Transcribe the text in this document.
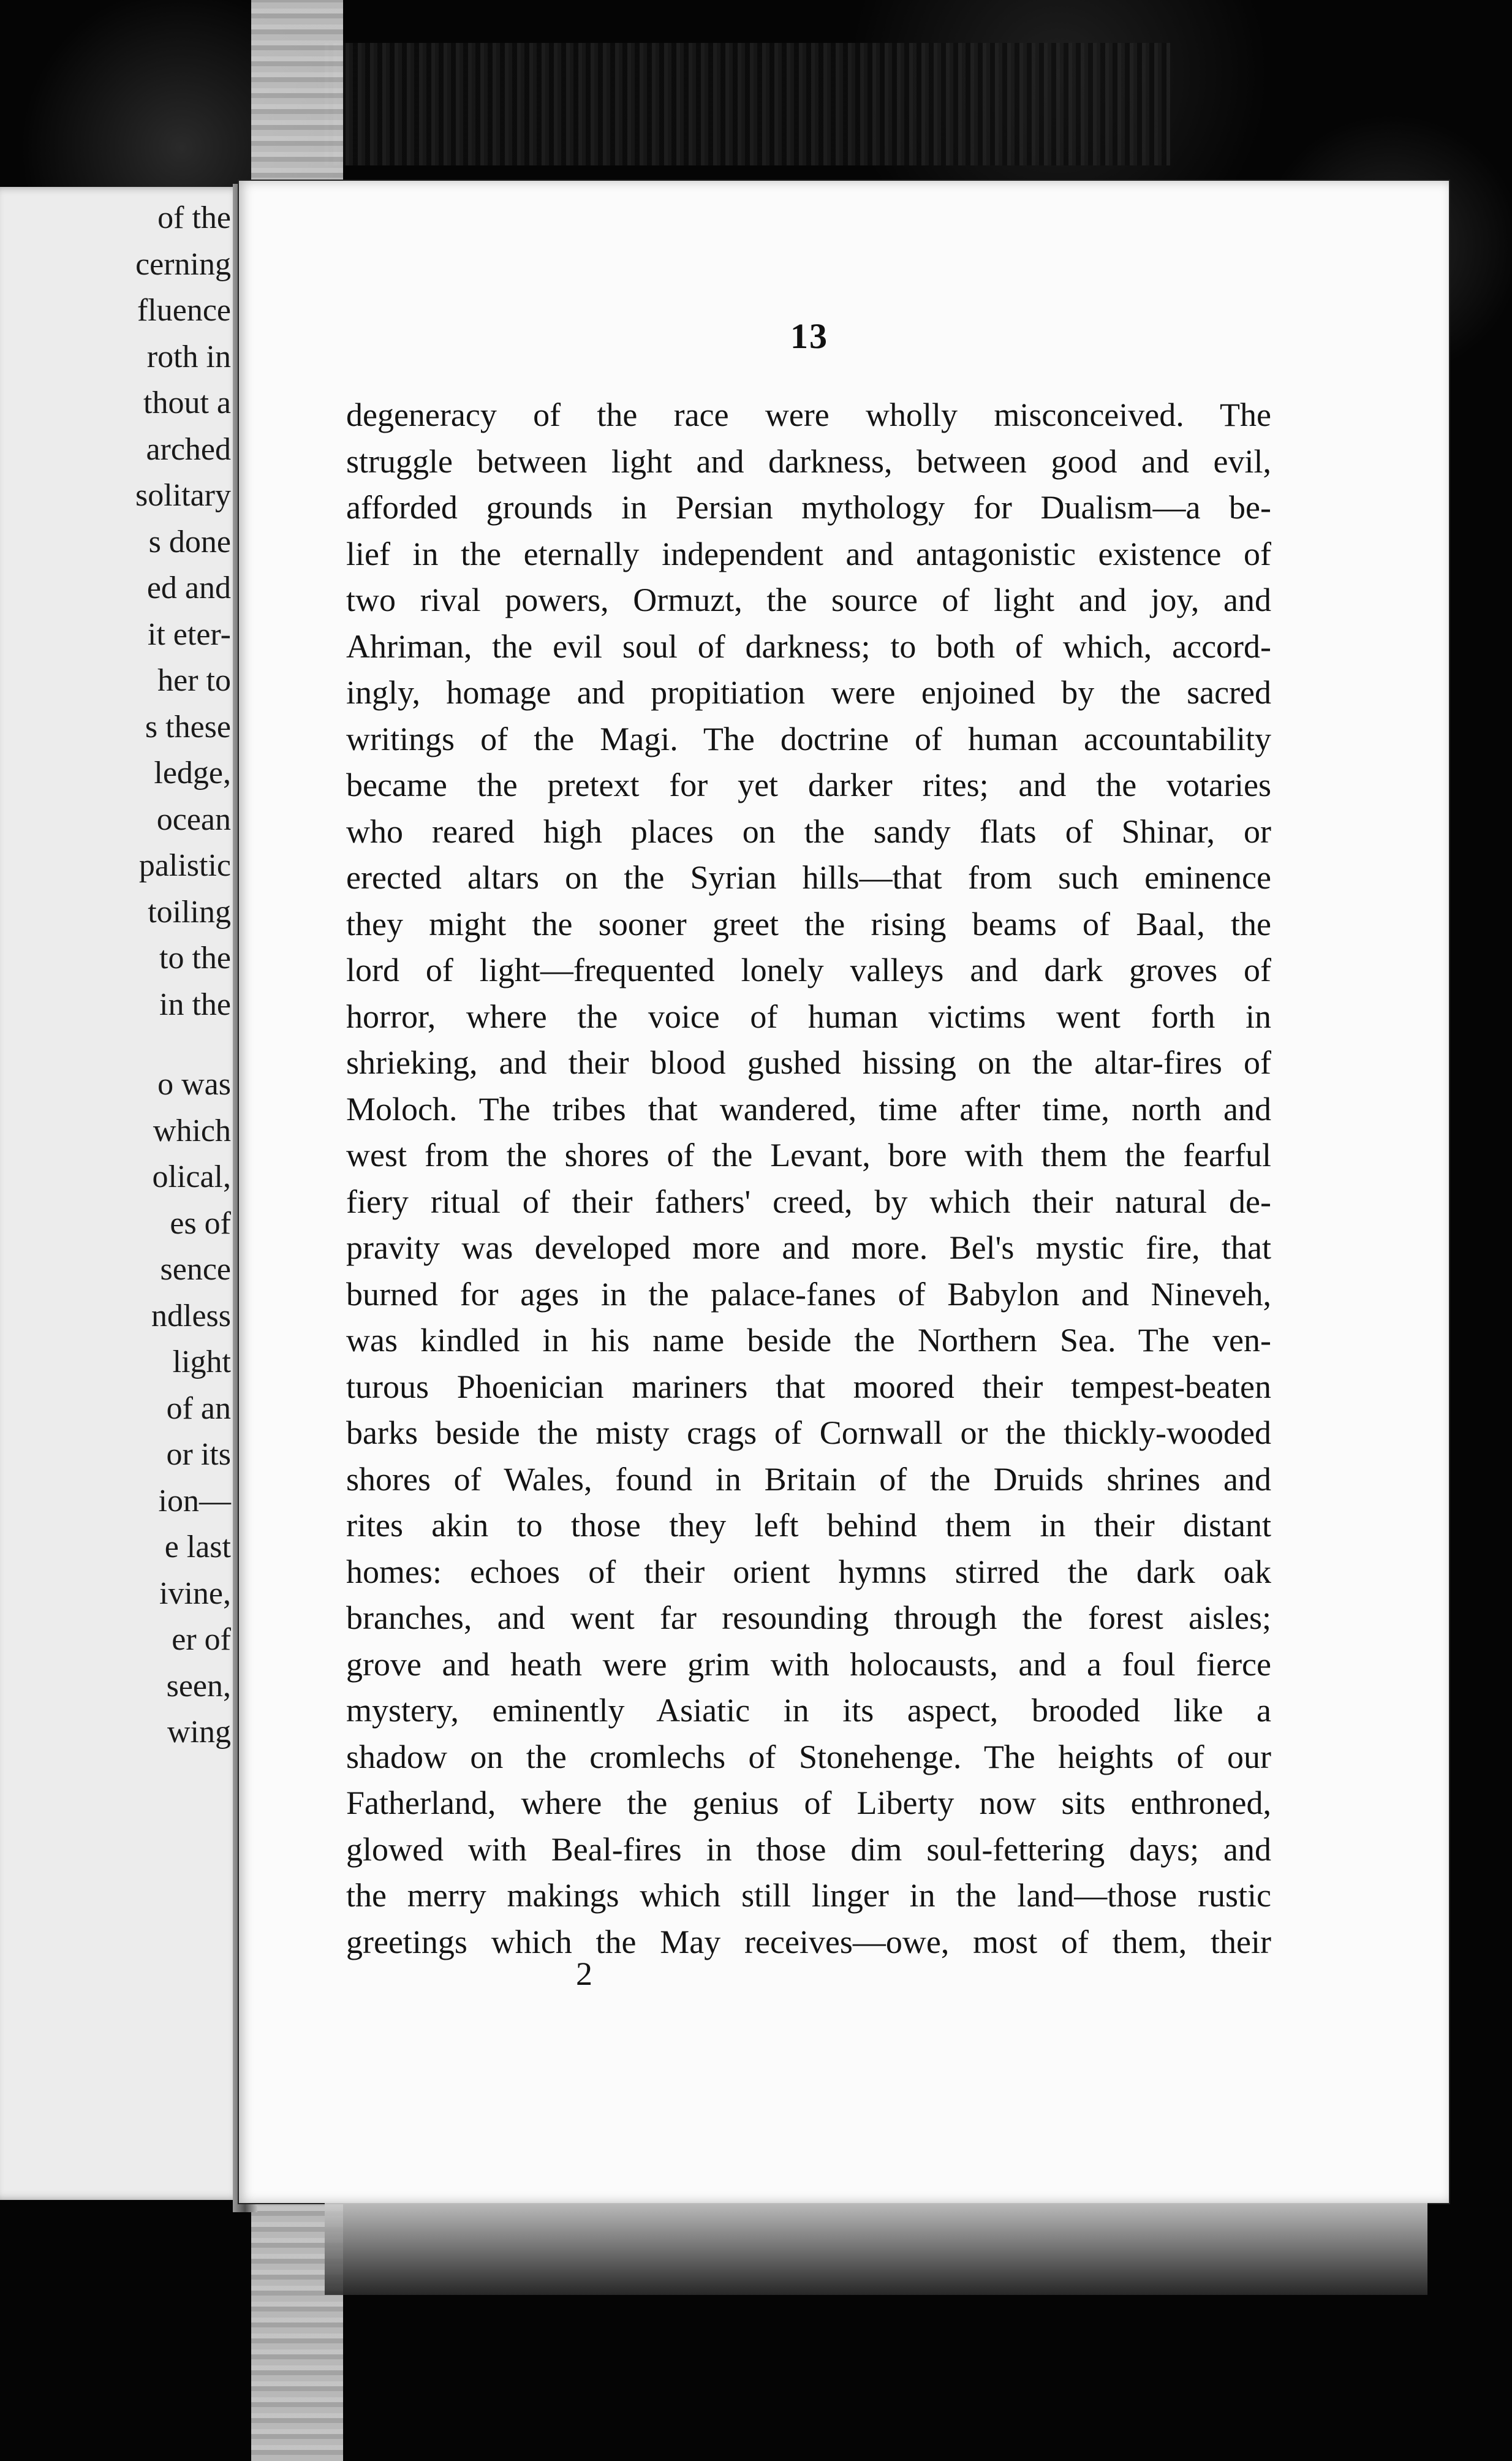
of the
cerning
fluence
roth in
thout a
arched
solitary
s done
ed and
it eter-
her to
s these
ledge,
ocean
palistic
toiling
to the
in the
o was
which
olical,
es of
sence
ndless
light
of an
or its
ion—
e last
ivine,
er of
seen,
wing
13
degeneracy of the race were wholly misconceived. The
struggle between light and darkness, between good and evil,
afforded grounds in Persian mythology for Dualism—a be-
lief in the eternally independent and antagonistic existence of
two rival powers, Ormuzt, the source of light and joy, and
Ahriman, the evil soul of darkness; to both of which, accord-
ingly, homage and propitiation were enjoined by the sacred
writings of the Magi. The doctrine of human accountability
became the pretext for yet darker rites; and the votaries
who reared high places on the sandy flats of Shinar, or
erected altars on the Syrian hills—that from such eminence
they might the sooner greet the rising beams of Baal, the
lord of light—frequented lonely valleys and dark groves of
horror, where the voice of human victims went forth in
shrieking, and their blood gushed hissing on the altar-fires of
Moloch. The tribes that wandered, time after time, north and
west from the shores of the Levant, bore with them the fearful
fiery ritual of their fathers' creed, by which their natural de-
pravity was developed more and more. Bel's mystic fire, that
burned for ages in the palace-fanes of Babylon and Nineveh,
was kindled in his name beside the Northern Sea. The ven-
turous Phoenician mariners that moored their tempest-beaten
barks beside the misty crags of Cornwall or the thickly-wooded
shores of Wales, found in Britain of the Druids shrines and
rites akin to those they left behind them in their distant
homes: echoes of their orient hymns stirred the dark oak
branches, and went far resounding through the forest aisles;
grove and heath were grim with holocausts, and a foul fierce
mystery, eminently Asiatic in its aspect, brooded like a
shadow on the cromlechs of Stonehenge. The heights of our
Fatherland, where the genius of Liberty now sits enthroned,
glowed with Beal-fires in those dim soul-fettering days; and
the merry makings which still linger in the land—those rustic
greetings which the May receives—owe, most of them, their
2
